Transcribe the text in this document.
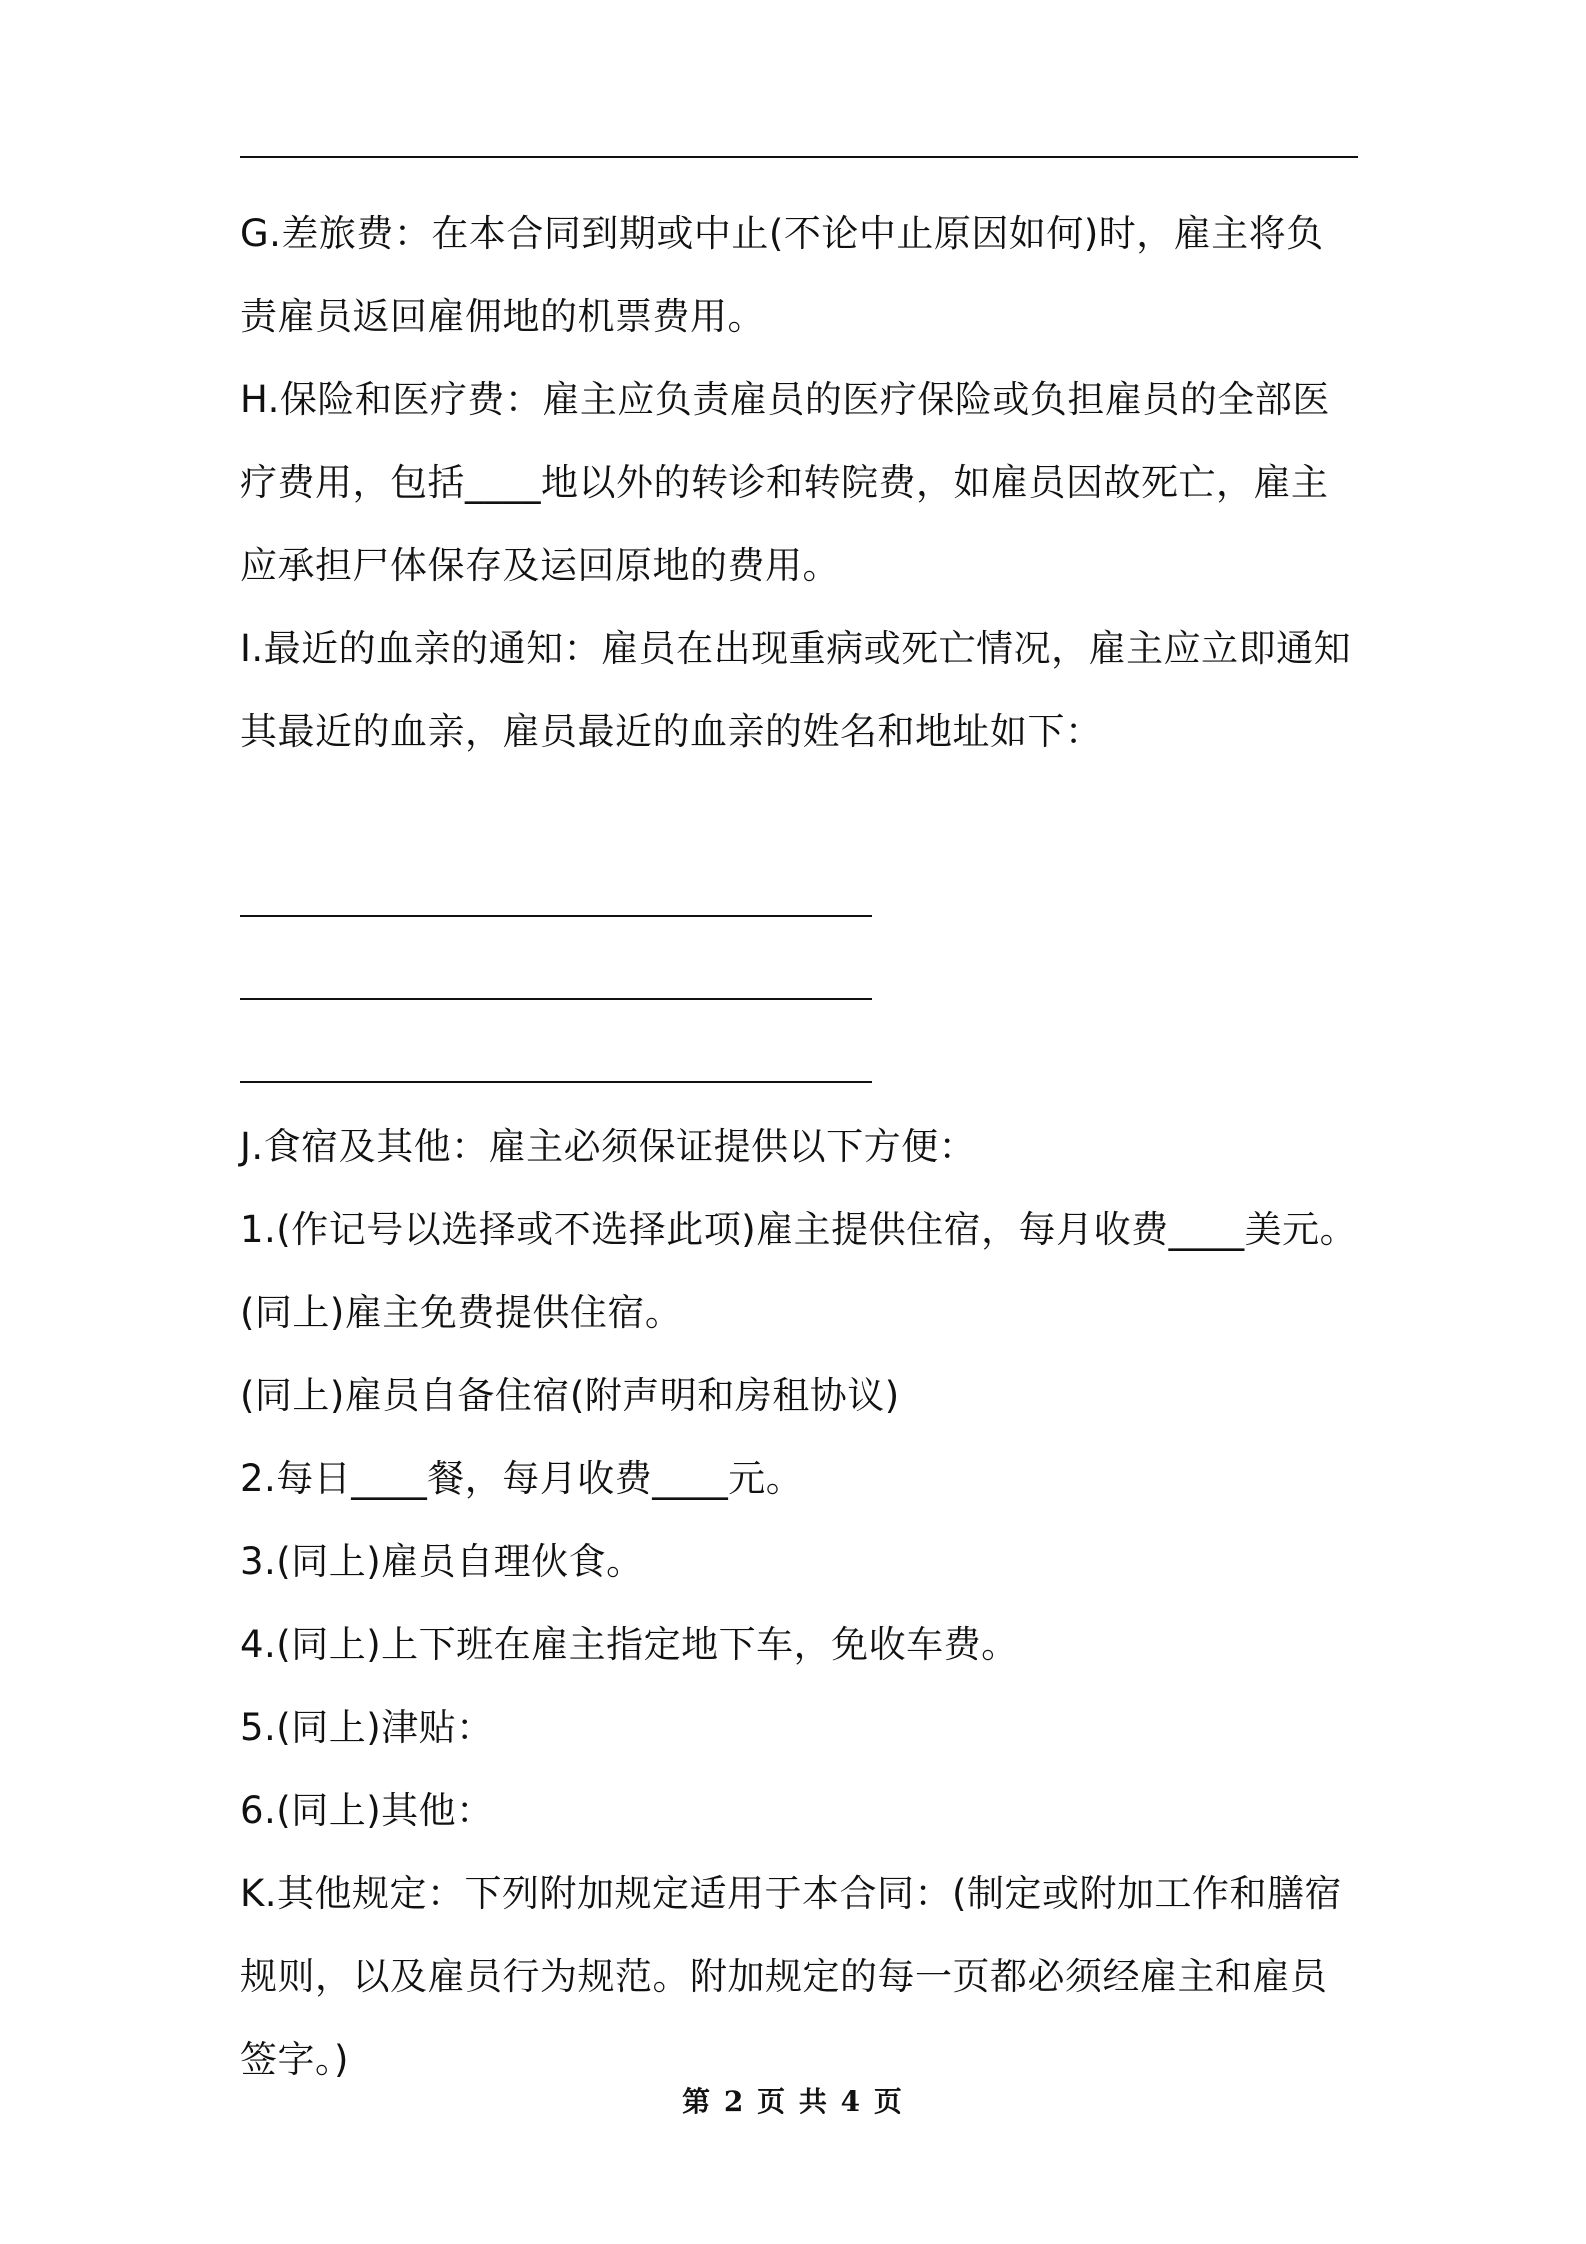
G.差旅费：在本合同到期或中止(不论中止原因如何)时，雇主将负责雇员返回雇佣地的机票费用。

H.保险和医疗费：雇主应负责雇员的医疗保险或负担雇员的全部医疗费用，包括____地以外的转诊和转院费，如雇员因故死亡，雇主应承担尸体保存及运回原地的费用。

I.最近的血亲的通知：雇员在出现重病或死亡情况，雇主应立即通知其最近的血亲，雇员最近的血亲的姓名和地址如下：

J.食宿及其他：雇主必须保证提供以下方便：

1.(作记号以选择或不选择此项)雇主提供住宿，每月收费____美元。

(同上)雇主免费提供住宿。

(同上)雇员自备住宿(附声明和房租协议)

2.每日____餐，每月收费____元。

3.(同上)雇员自理伙食。

4.(同上)上下班在雇主指定地下车，免收车费。

5.(同上)津贴：

6.(同上)其他：

K.其他规定：下列附加规定适用于本合同：(制定或附加工作和膳宿规则，以及雇员行为规范。附加规定的每一页都必须经雇主和雇员签字。)

第 2 页 共 4 页
